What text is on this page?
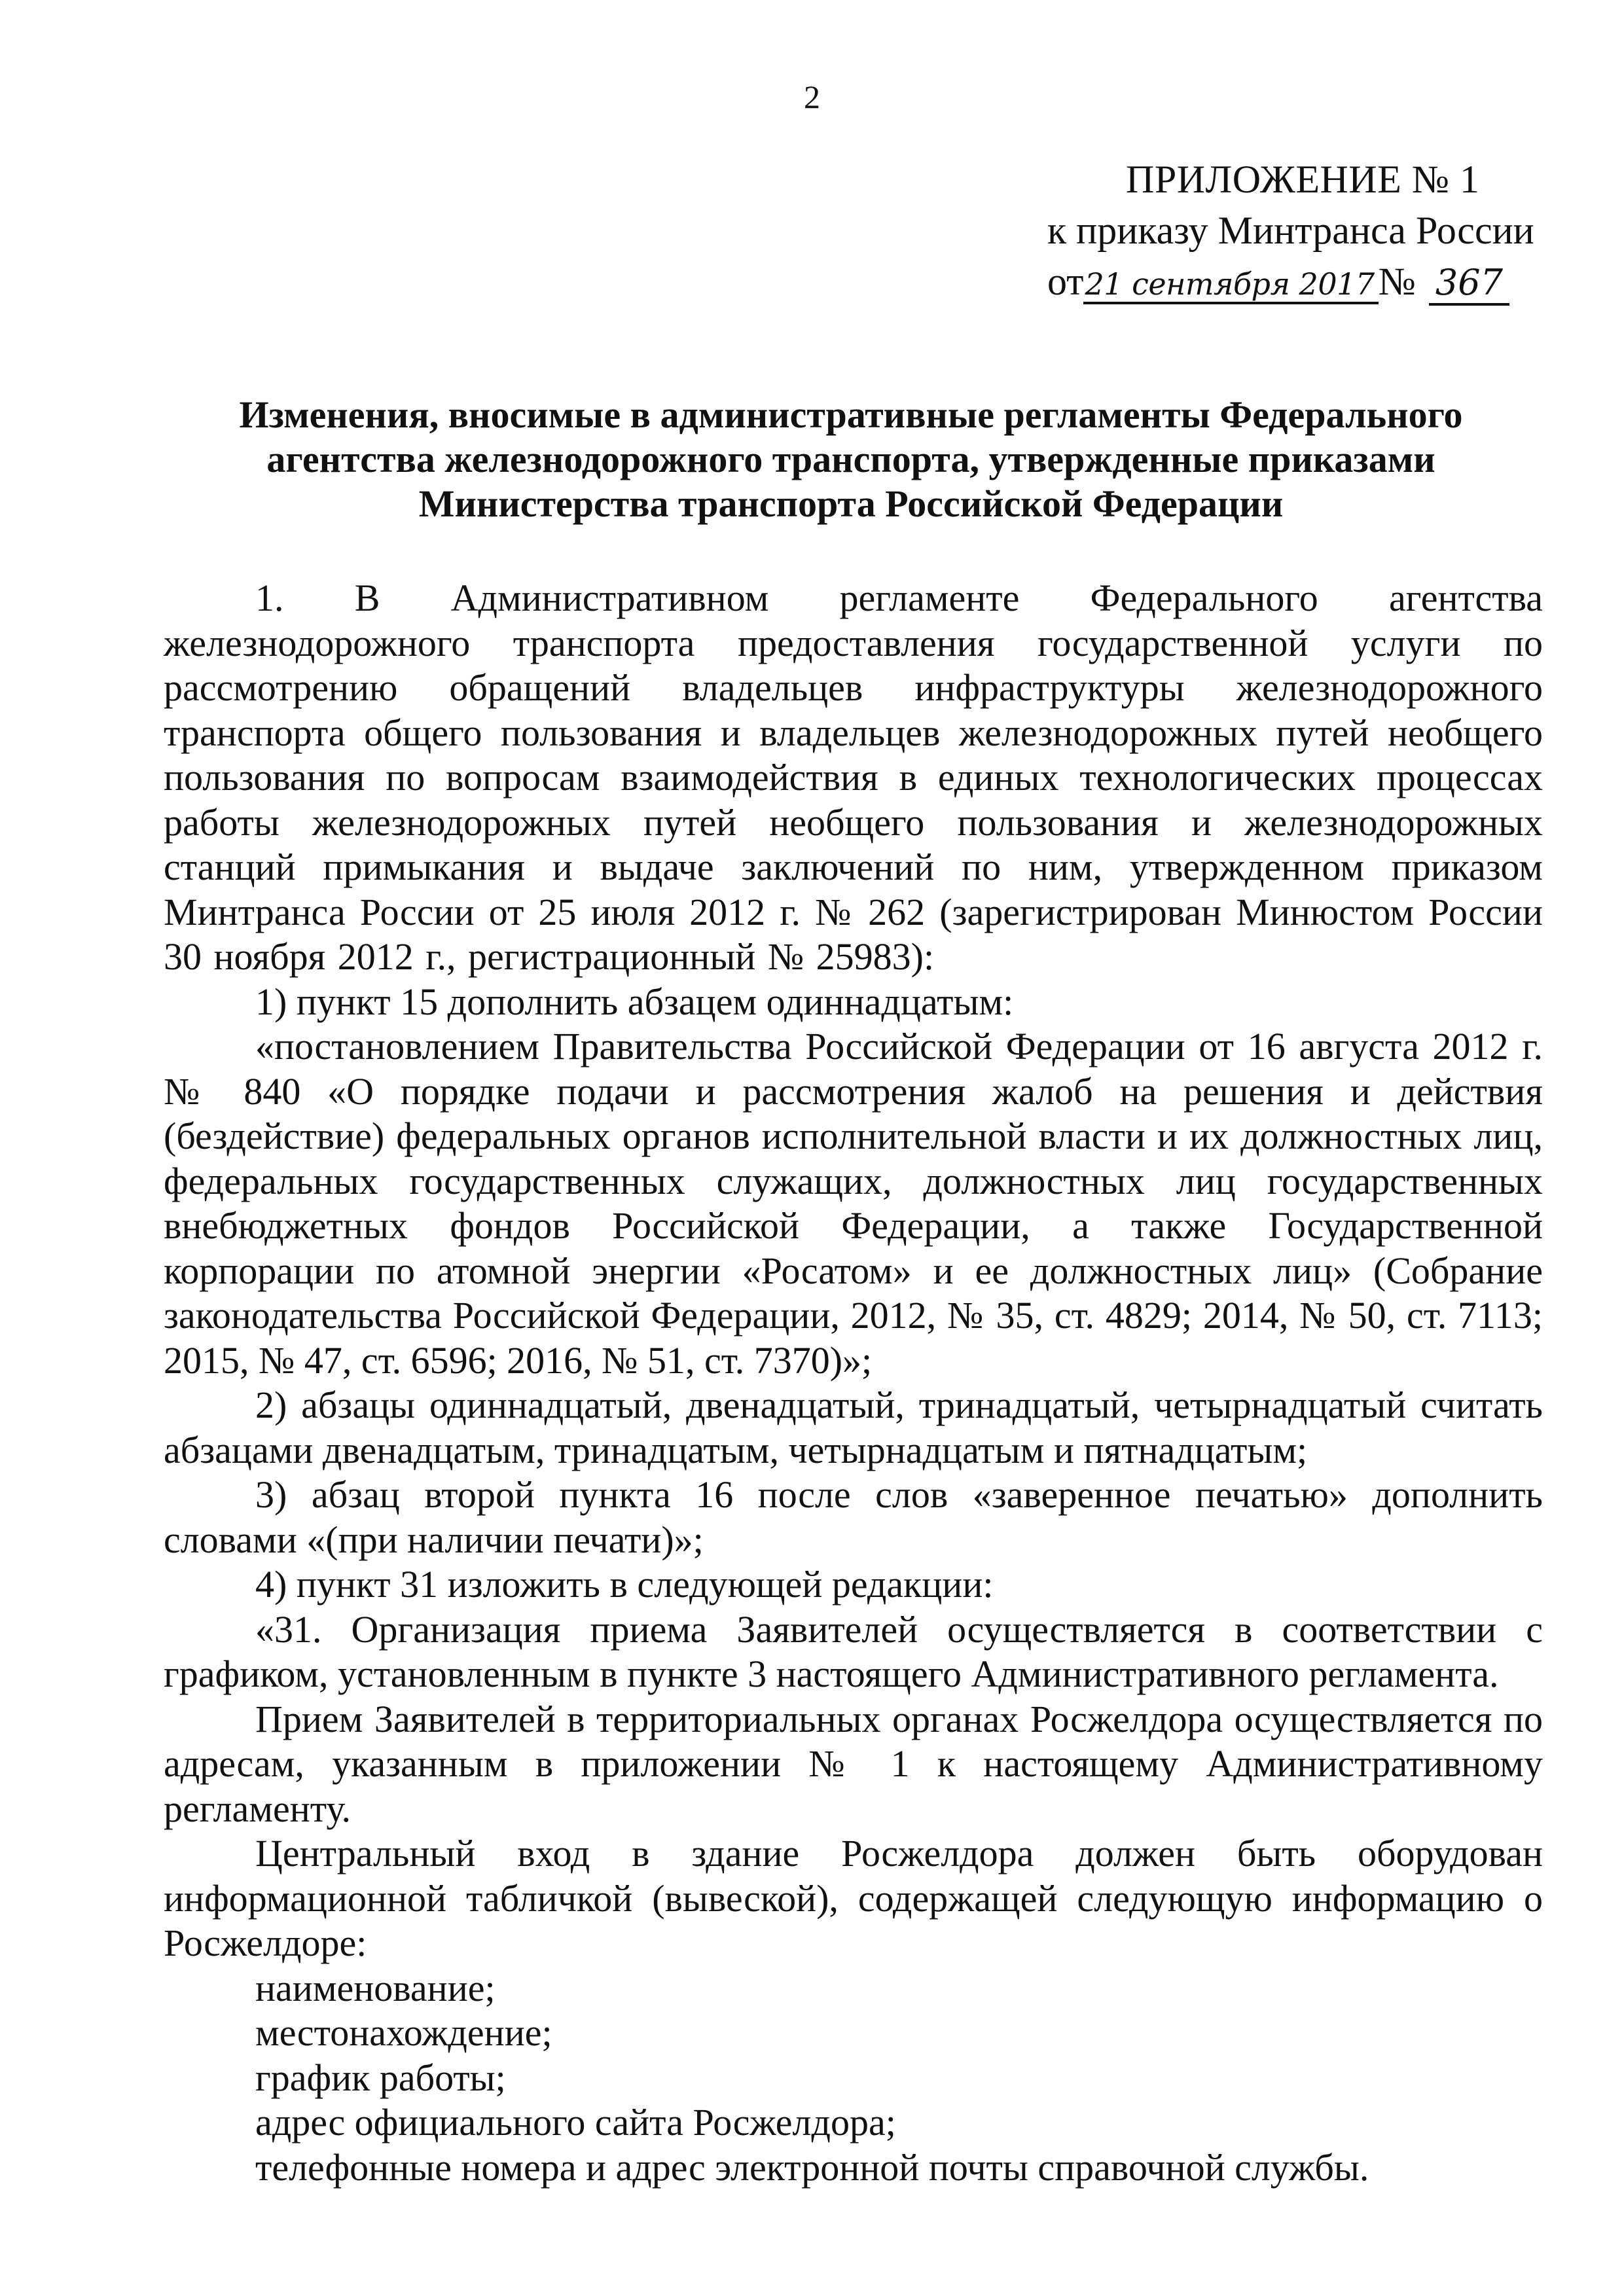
2
ПРИЛОЖЕНИЕ № 1
к приказу Минтранса России
от21 сентября 2017 № 367
Изменения, вносимые в административные регламенты Федерального
агентства железнодорожного транспорта, утвержденные приказами
Министерства транспорта Российской Федерации

1. В Административном регламенте Федерального агентства железнодорожного транспорта предоставления государственной услуги по рассмотрению обращений владельцев инфраструктуры железнодорожного транспорта общего пользования и владельцев железнодорожных путей необщего пользования по вопросам взаимодействия в единых технологических процессах работы железнодорожных путей необщего пользования и железнодорожных станций примыкания и выдаче заключений по ним, утвержденном приказом Минтранса России от 25 июля 2012 г. № 262 (зарегистрирован Минюстом России 30 ноября 2012 г., регистрационный № 25983):

1) пункт 15 дополнить абзацем одиннадцатым:

«постановлением Правительства Российской Федерации от 16 августа 2012 г. № 840 «О порядке подачи и рассмотрения жалоб на решения и действия (бездействие) федеральных органов исполнительной власти и их должностных лиц, федеральных государственных служащих, должностных лиц государственных внебюджетных фондов Российской Федерации, а также Государственной корпорации по атомной энергии «Росатом» и ее должностных лиц» (Собрание законодательства Российской Федерации, 2012, № 35, ст. 4829; 2014, № 50, ст. 7113; 2015, № 47, ст. 6596; 2016, № 51, ст. 7370)»;

2) абзацы одиннадцатый, двенадцатый, тринадцатый, четырнадцатый считать абзацами двенадцатым, тринадцатым, четырнадцатым и пятнадцатым;

3) абзац второй пункта 16 после слов «заверенное печатью» дополнить словами «(при наличии печати)»;

4) пункт 31 изложить в следующей редакции:

«31. Организация приема Заявителей осуществляется в соответствии с графиком, установленным в пункте 3 настоящего Административного регламента.

Прием Заявителей в территориальных органах Росжелдора осуществляется по адресам, указанным в приложении № 1 к настоящему Административному регламенту.

Центральный вход в здание Росжелдора должен быть оборудован информационной табличкой (вывеской), содержащей следующую информацию о Росжелдоре:

наименование;

местонахождение;

график работы;

адрес официального сайта Росжелдора;

телефонные номера и адрес электронной почты справочной службы.
